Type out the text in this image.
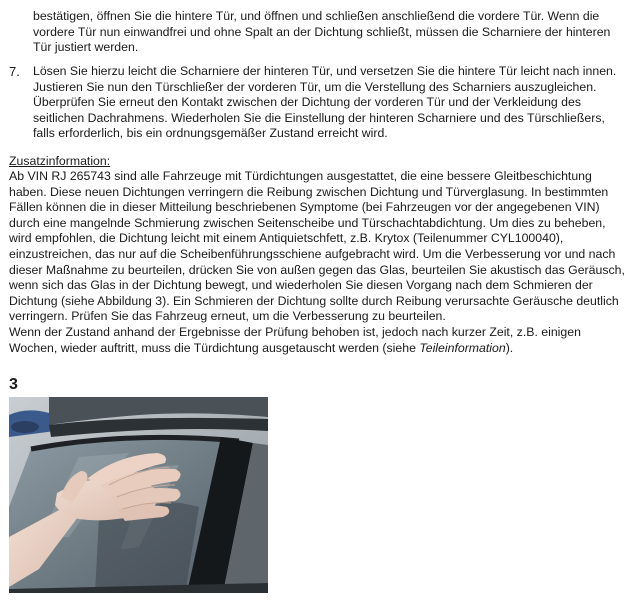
bestätigen, öffnen Sie die hintere Tür, und öffnen und schließen anschließend die vordere Tür. Wenn die vordere Tür nun einwandfrei und ohne Spalt an der Dichtung schließt, müssen die Scharniere der hinteren Tür justiert werden.
7. Lösen Sie hierzu leicht die Scharniere der hinteren Tür, und versetzen Sie die hintere Tür leicht nach innen. Justieren Sie nun den Türschließer der vorderen Tür, um die Verstellung des Scharniers auszugleichen. Überprüfen Sie erneut den Kontakt zwischen der Dichtung der vorderen Tür und der Verkleidung des seitlichen Dachrahmens. Wiederholen Sie die Einstellung der hinteren Scharniere und des Türschließers, falls erforderlich, bis ein ordnungsgemäßer Zustand erreicht wird.
Zusatzinformation:

Ab VIN RJ 265743 sind alle Fahrzeuge mit Türdichtungen ausgestattet, die eine bessere Gleitbeschichtung haben. Diese neuen Dichtungen verringern die Reibung zwischen Dichtung und Türverglasung. In bestimmten Fällen können die in dieser Mitteilung beschriebenen Symptome (bei Fahrzeugen vor der angegebenen VIN) durch eine mangelnde Schmierung zwischen Seitenscheibe und Türschachtabdichtung. Um dies zu beheben, wird empfohlen, die Dichtung leicht mit einem Antiquietschfett, z.B. Krytox (Teilenummer CYL100040), einzustreichen, das nur auf die Scheibenführungsschiene aufgebracht wird. Um die Verbesserung vor und nach dieser Maßnahme zu beurteilen, drücken Sie von außen gegen das Glas, beurteilen Sie akustisch das Geräusch, wenn sich das Glas in der Dichtung bewegt, und wiederholen Sie diesen Vorgang nach dem Schmieren der Dichtung (siehe Abbildung 3). Ein Schmieren der Dichtung sollte durch Reibung verursachte Geräusche deutlich verringern. Prüfen Sie das Fahrzeug erneut, um die Verbesserung zu beurteilen.

Wenn der Zustand anhand der Ergebnisse der Prüfung behoben ist, jedoch nach kurzer Zeit, z.B. einigen Wochen, wieder auftritt, muss die Türdichtung ausgetauscht werden (siehe Teileinformation).

3
